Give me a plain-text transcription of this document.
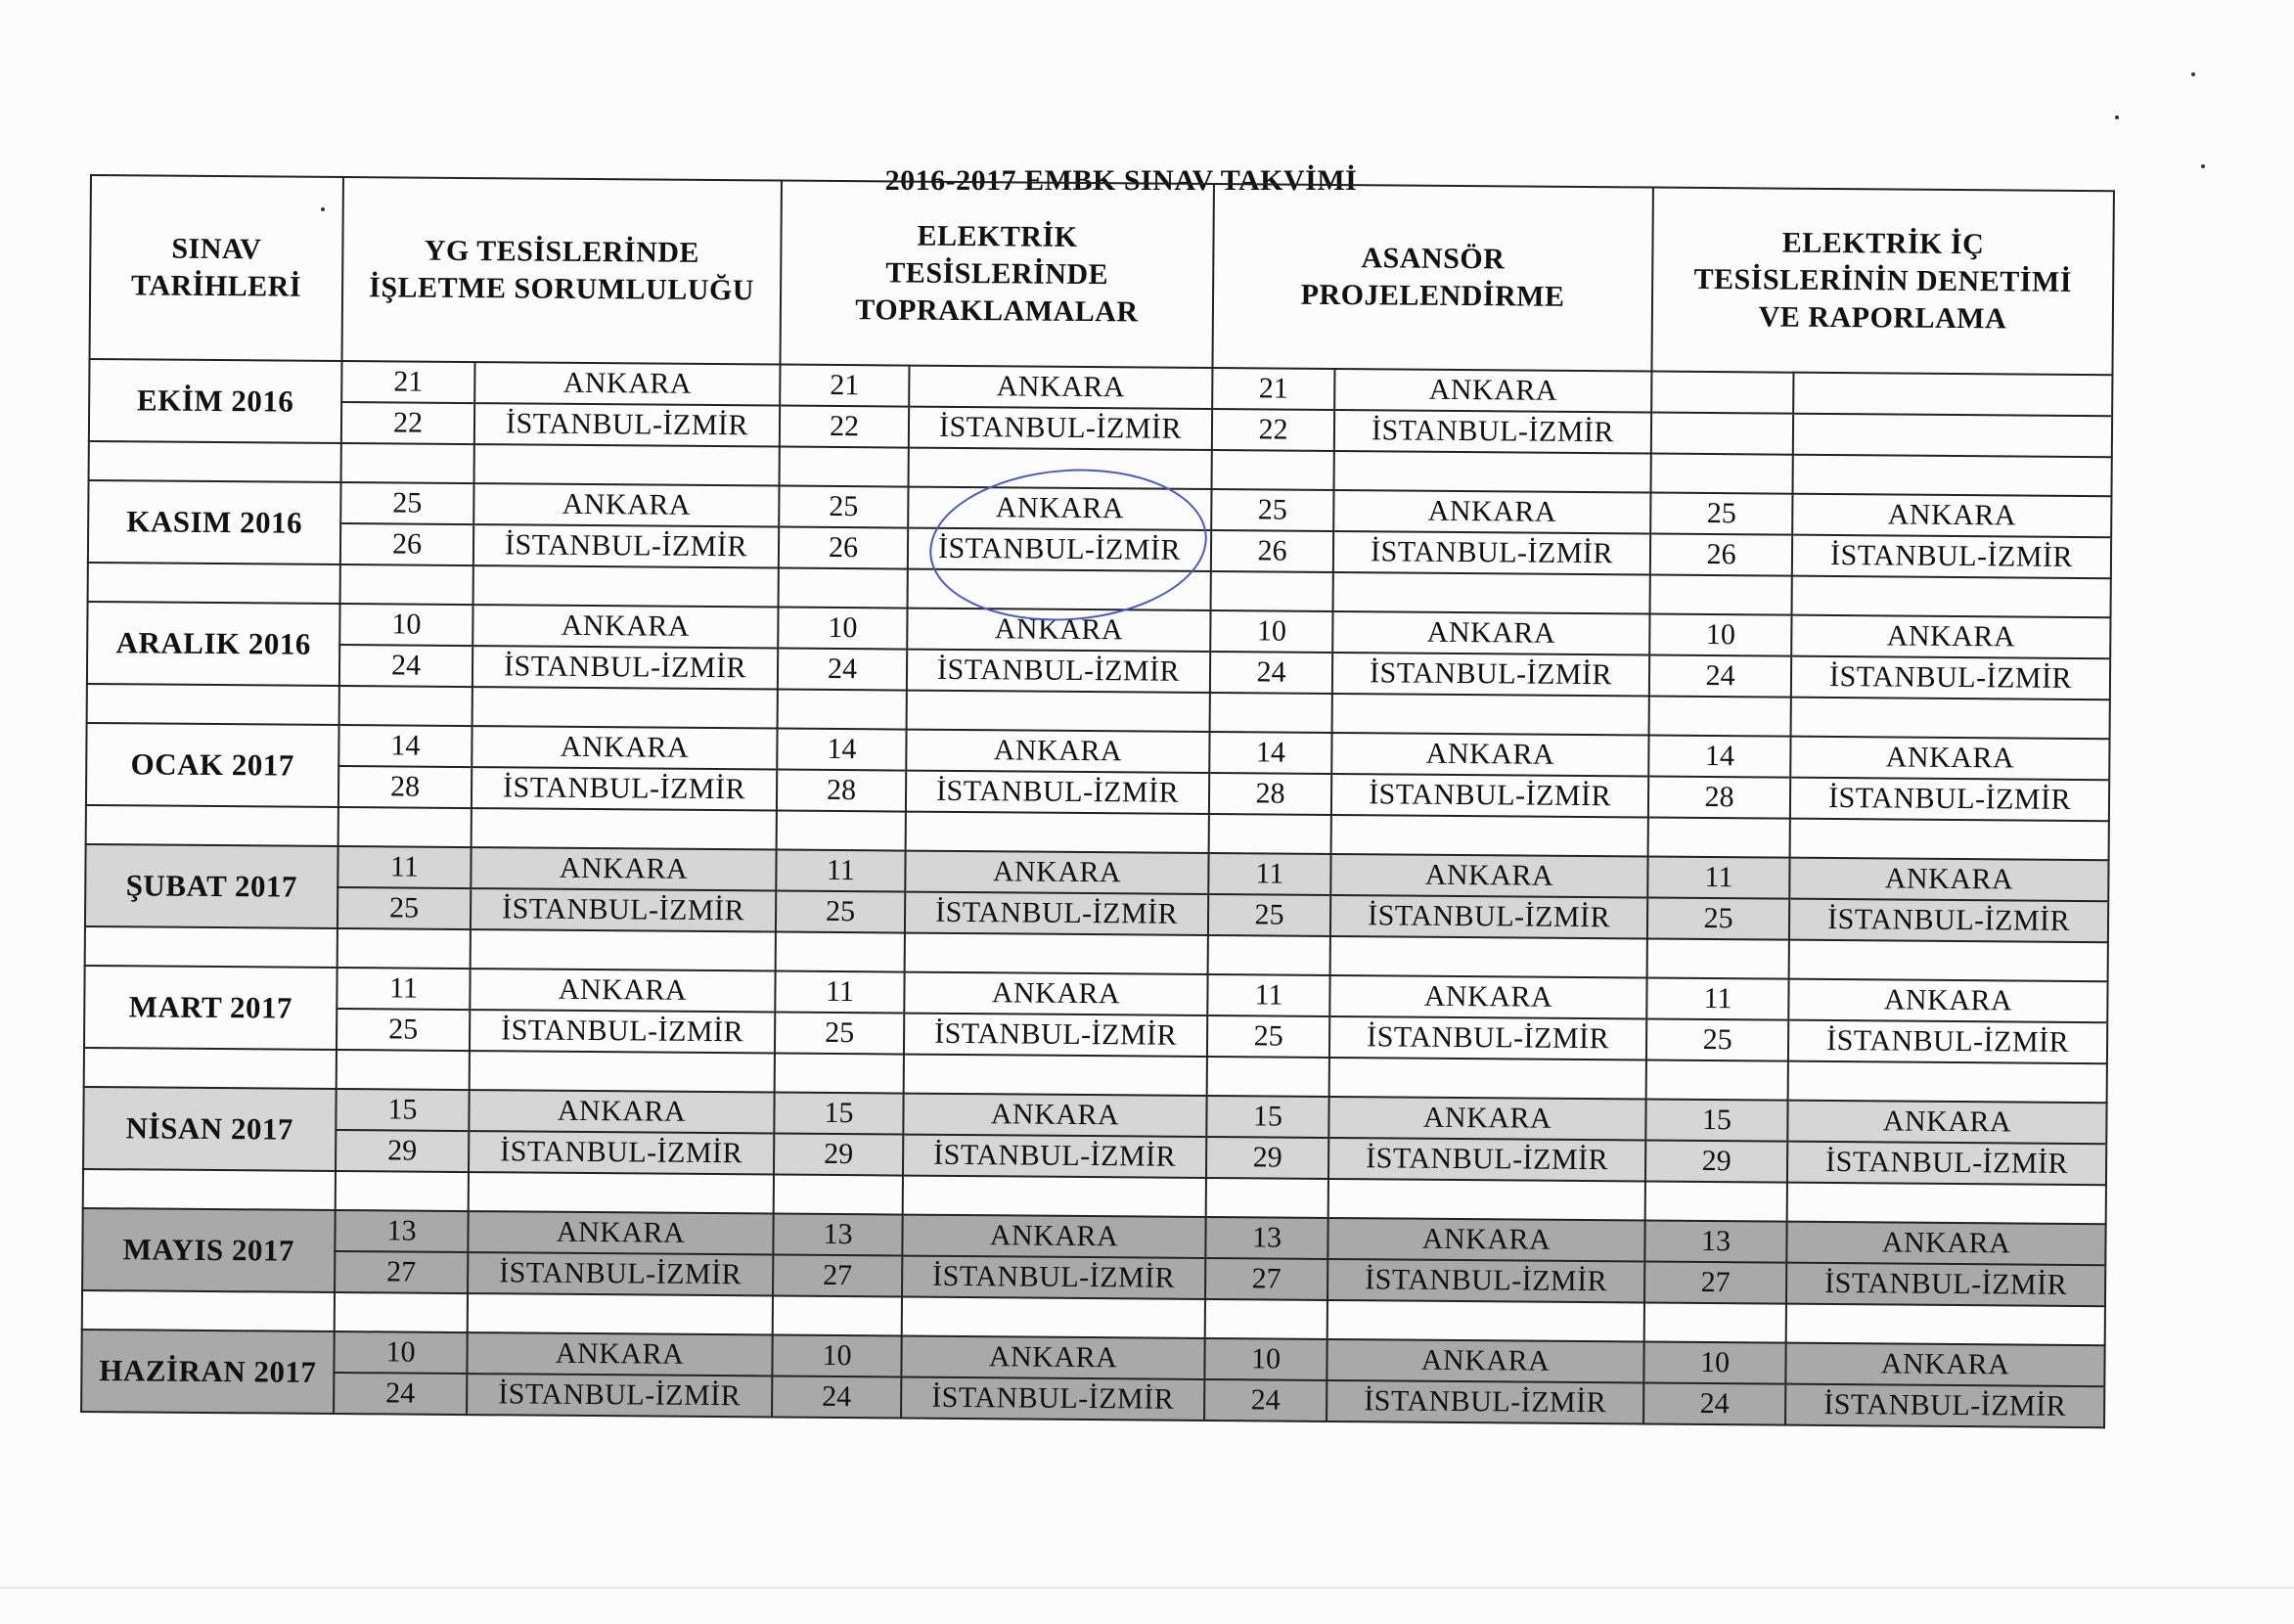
2016-2017 EMBK SINAV TAKVİMİ
SINAV
TARİHLERİ	YG TESİSLERİNDE
İŞLETME SORUMLULUĞU		ELEKTRİK
TESİSLERİNDE
TOPRAKLAMALAR		ASANSÖR
PROJELENDİRME		ELEKTRİK İÇ
TESİSLERİNİN DENETİMİ
VE RAPORLAMA	

EKİM 2016	21	ANKARA	21	ANKARA	21	ANKARA		
	22	İSTANBUL-İZMİR	22	İSTANBUL-İZMİR	22	İSTANBUL-İZMİR		

KASIM 2016	25	ANKARA	25	ANKARA	25	ANKARA	25	ANKARA
	26	İSTANBUL-İZMİR	26	İSTANBUL-İZMİR	26	İSTANBUL-İZMİR	26	İSTANBUL-İZMİR

ARALIK 2016	10	ANKARA	10	ANKARA	10	ANKARA	10	ANKARA
	24	İSTANBUL-İZMİR	24	İSTANBUL-İZMİR	24	İSTANBUL-İZMİR	24	İSTANBUL-İZMİR

OCAK 2017	14	ANKARA	14	ANKARA	14	ANKARA	14	ANKARA
	28	İSTANBUL-İZMİR	28	İSTANBUL-İZMİR	28	İSTANBUL-İZMİR	28	İSTANBUL-İZMİR

ŞUBAT 2017	11	ANKARA	11	ANKARA	11	ANKARA	11	ANKARA
	25	İSTANBUL-İZMİR	25	İSTANBUL-İZMİR	25	İSTANBUL-İZMİR	25	İSTANBUL-İZMİR

MART 2017	11	ANKARA	11	ANKARA	11	ANKARA	11	ANKARA
	25	İSTANBUL-İZMİR	25	İSTANBUL-İZMİR	25	İSTANBUL-İZMİR	25	İSTANBUL-İZMİR

NİSAN 2017	15	ANKARA	15	ANKARA	15	ANKARA	15	ANKARA
	29	İSTANBUL-İZMİR	29	İSTANBUL-İZMİR	29	İSTANBUL-İZMİR	29	İSTANBUL-İZMİR

MAYIS 2017	13	ANKARA	13	ANKARA	13	ANKARA	13	ANKARA
	27	İSTANBUL-İZMİR	27	İSTANBUL-İZMİR	27	İSTANBUL-İZMİR	27	İSTANBUL-İZMİR

HAZİRAN 2017	10	ANKARA	10	ANKARA	10	ANKARA	10	ANKARA
	24	İSTANBUL-İZMİR	24	İSTANBUL-İZMİR	24	İSTANBUL-İZMİR	24	İSTANBUL-İZMİR
